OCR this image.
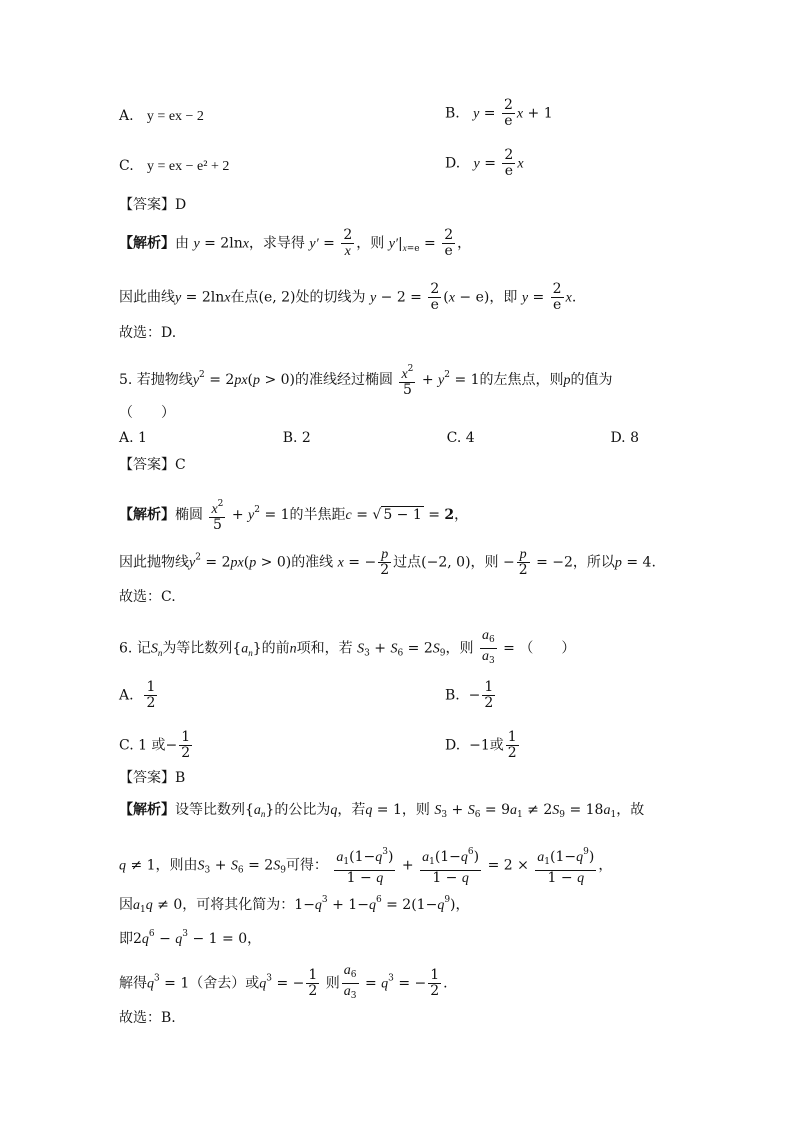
A. y = ex − 2	B. $y = \frac{2}{e}$ x + 1
C. y = ex − e² + 2	D. $y = \frac{2}{e}$ x
【答案】D
【解析】由 y = 2lnx，求导得 $y' = \frac{2}{x}$ ，则 $y'|_{x=e} = \frac{2}{e}$ ，
因此曲线y = 2lnx在点(e, 2)处的切线为 $y - 2 = \frac{2}{e} (x - e)$，即 $y = \frac{2}{e} x$.
故选：D.
5. 若抛物线$y^2 = 2px(p > 0)$的准线经过椭圆 $\frac{x^2}{5} + y^2 = 1$的左焦点，则p的值为
（　　）
A. 1	B. 2	C. 4	D. 8
【答案】C
【解析】椭圆 $\frac{x^2}{5} + y^2 = 1$的半焦距c = √ 5 − 1 = 2，
因此抛物线$y^2 = 2px(p > 0)$的准线 x = − $\frac{p}{2}$ 过点(−2, 0)，则 − $\frac{p}{2} = -2$，所以p = 4.
故选：C.
6. 记$S_n$为等比数列$\{a_n\}$的前n项和，若 $S_3 + S_6 = 2S_9$，则 $\frac{a_6}{a_3}$ = （　　）
A. $\frac{1}{2}$	B.  − $\frac{1}{2}$
C. 1 或− $\frac{1}{2}$	D.  −1或 $\frac{1}{2}$
【答案】B
【解析】设等比数列$\{a_n\}$的公比为q，若q = 1，则 $S_3 + S_6 = 9a_1 \ne 2S_9 = 18a_1$，故
q ≠ 1，则由$S_3 + S_6 = 2S_9$可得： $\frac{a_1(1-q^3)}{1 - q} + \frac{a_1(1-q^6)}{1 - q} = 2 \times \frac{a_1(1-q^9)}{1 - q}$ ，
因$a_1q \ne 0$，可将其化简为：$1-q^3 + 1-q^6 = 2(1-q^9)$，
即$2q^6 - q^3 - 1 = 0$，
解得$q^3 = 1$（舍去）或$q^3$ = − $\frac{1}{2}$ 则 $\frac{a_6}{a_3} = q^3$ = − $\frac{1}{2}$ .
故选：B.
